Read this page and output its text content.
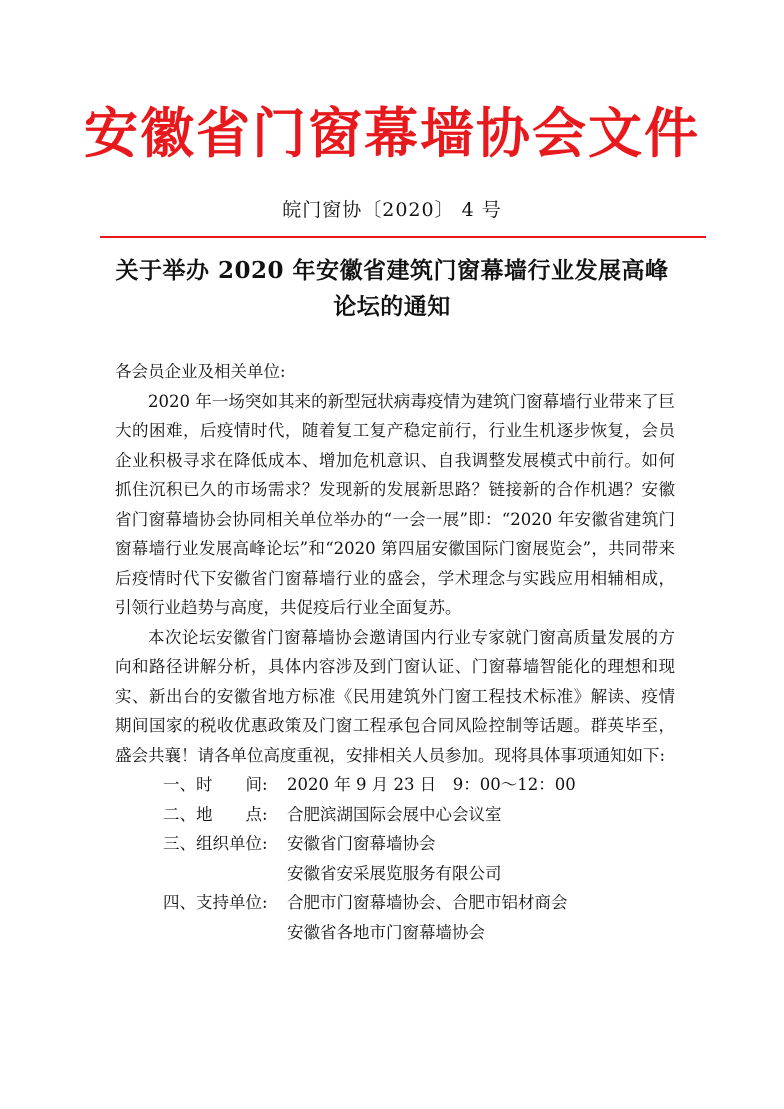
安徽省门窗幕墙协会文件
皖门窗协〔2020〕 4 号
关于举办 2020 年安徽省建筑门窗幕墙行业发展高峰
论坛的通知

各会员企业及相关单位:

2020 年一场突如其来的新型冠状病毒疫情为建筑门窗幕墙行业带来了巨大的困难，后疫情时代，随着复工复产稳定前行，行业生机逐步恢复，会员企业积极寻求在降低成本、增加危机意识、自我调整发展模式中前行。如何抓住沉积已久的市场需求？发现新的发展新思路？链接新的合作机遇？安徽省门窗幕墙协会协同相关单位举办的“一会一展”即：“2020 年安徽省建筑门窗幕墙行业发展高峰论坛”和“2020 第四届安徽国际门窗展览会”，共同带来后疫情时代下安徽省门窗幕墙行业的盛会，学术理念与实践应用相辅相成，引领行业趋势与高度，共促疫后行业全面复苏。

本次论坛安徽省门窗幕墙协会邀请国内行业专家就门窗高质量发展的方向和路径讲解分析，具体内容涉及到门窗认证、门窗幕墙智能化的理想和现实、新出台的安徽省地方标准《民用建筑外门窗工程技术标准》解读、疫情期间国家的税收优惠政策及门窗工程承包合同风险控制等话题。群英毕至，盛会共襄！请各单位高度重视，安排相关人员参加。现将具体事项通知如下:

一、时　　间: 2020 年 9 月 23 日　9：00～12：00
二、地　　点: 合肥滨湖国际会展中心会议室
三、组织单位: 安徽省门窗幕墙协会
安徽省安采展览服务有限公司
四、支持单位: 合肥市门窗幕墙协会、合肥市铝材商会
安徽省各地市门窗幕墙协会
